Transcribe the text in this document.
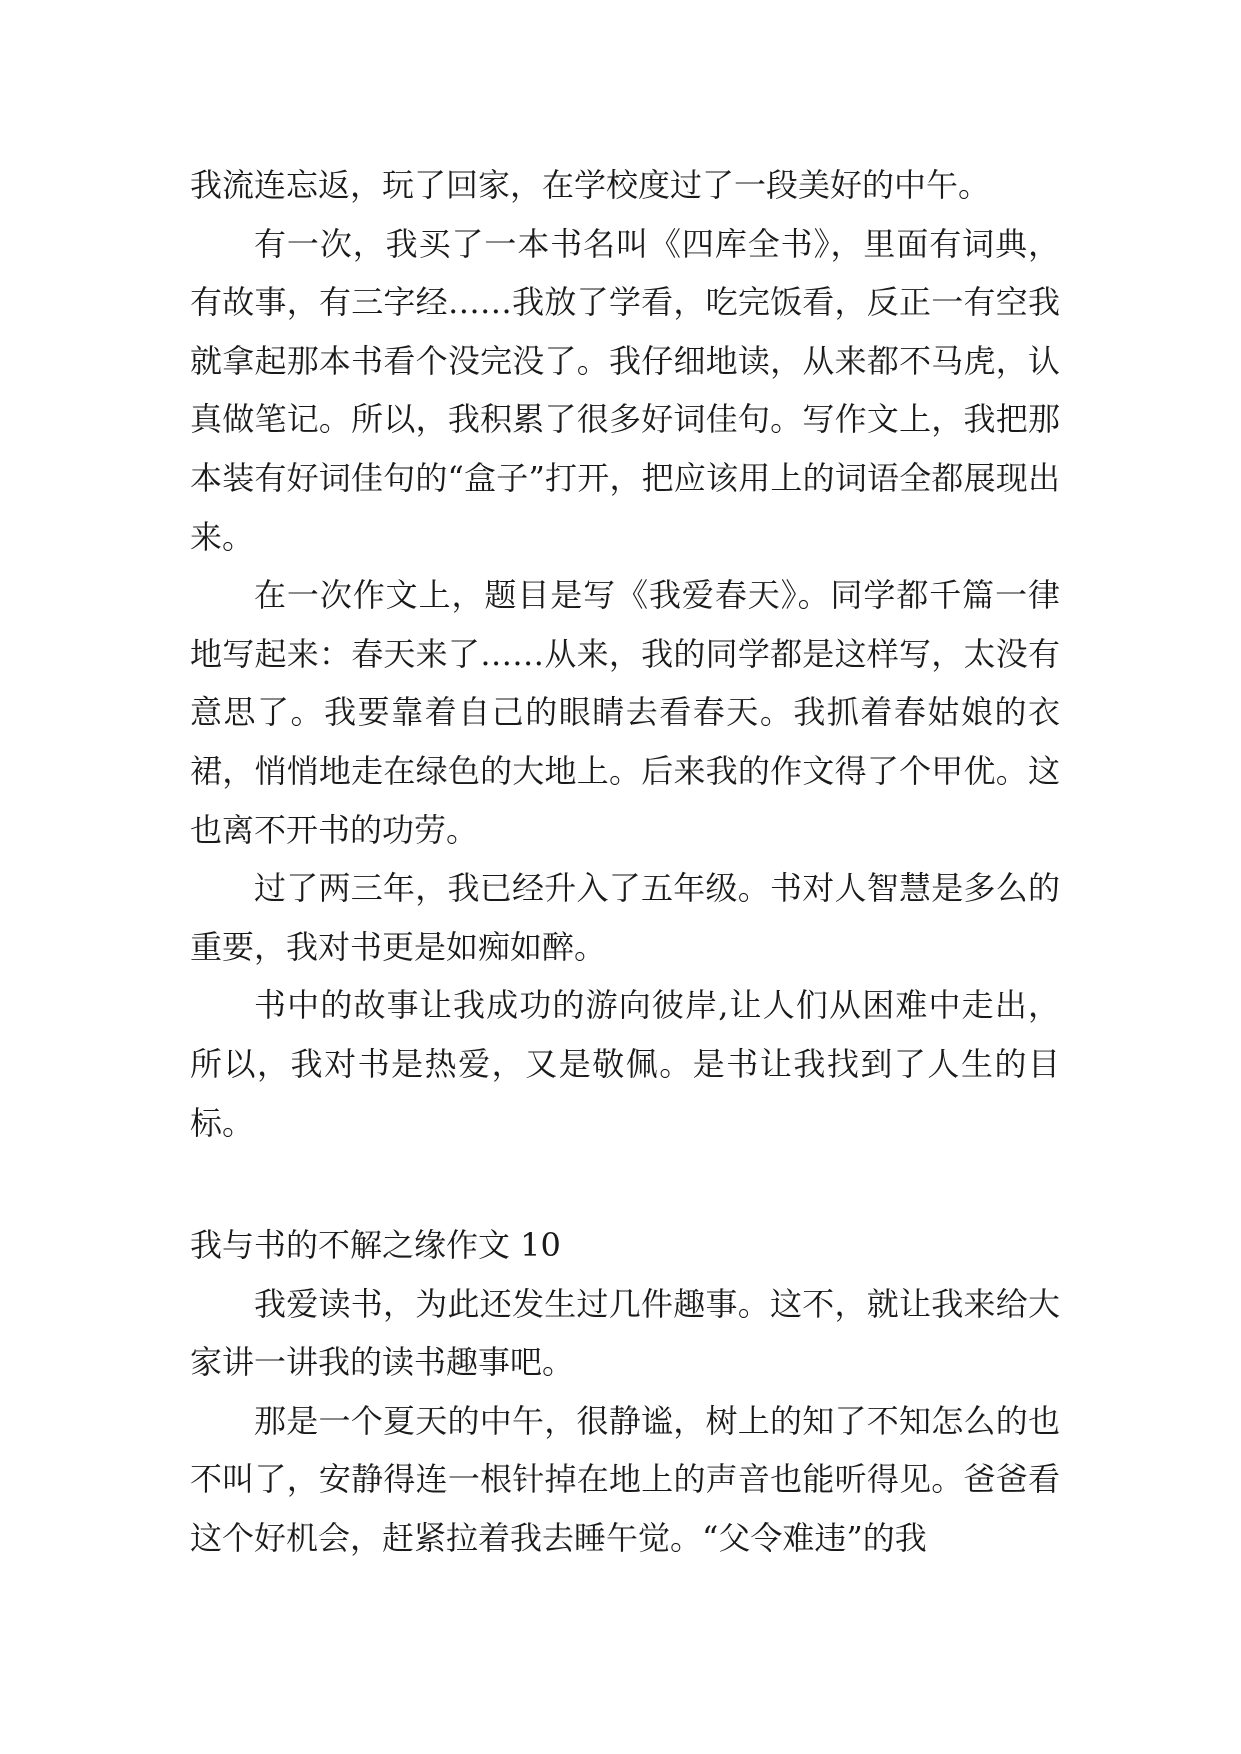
我流连忘返，玩了回家，在学校度过了一段美好的中午。

有一次，我买了一本书名叫《四库全书》，里面有词典，有故事，有三字经……我放了学看，吃完饭看，反正一有空我就拿起那本书看个没完没了。我仔细地读，从来都不马虎，认真做笔记。所以，我积累了很多好词佳句。写作文上，我把那本装有好词佳句的“盒子”打开，把应该用上的词语全都展现出来。

在一次作文上，题目是写《我爱春天》。同学都千篇一律地写起来：春天来了……从来，我的同学都是这样写，太没有意思了。我要靠着自己的眼睛去看春天。我抓着春姑娘的衣裙，悄悄地走在绿色的大地上。后来我的作文得了个甲优。这也离不开书的功劳。

过了两三年，我已经升入了五年级。书对人智慧是多么的重要，我对书更是如痴如醉。

书中的故事让我成功的游向彼岸,让人们从困难中走出，所以，我对书是热爱，又是敬佩。是书让我找到了人生的目标。

我与书的不解之缘作文 10

我爱读书，为此还发生过几件趣事。这不，就让我来给大家讲一讲我的读书趣事吧。

那是一个夏天的中午，很静谧，树上的知了不知怎么的也不叫了，安静得连一根针掉在地上的声音也能听得见。爸爸看这个好机会，赶紧拉着我去睡午觉。“父令难违”的我
